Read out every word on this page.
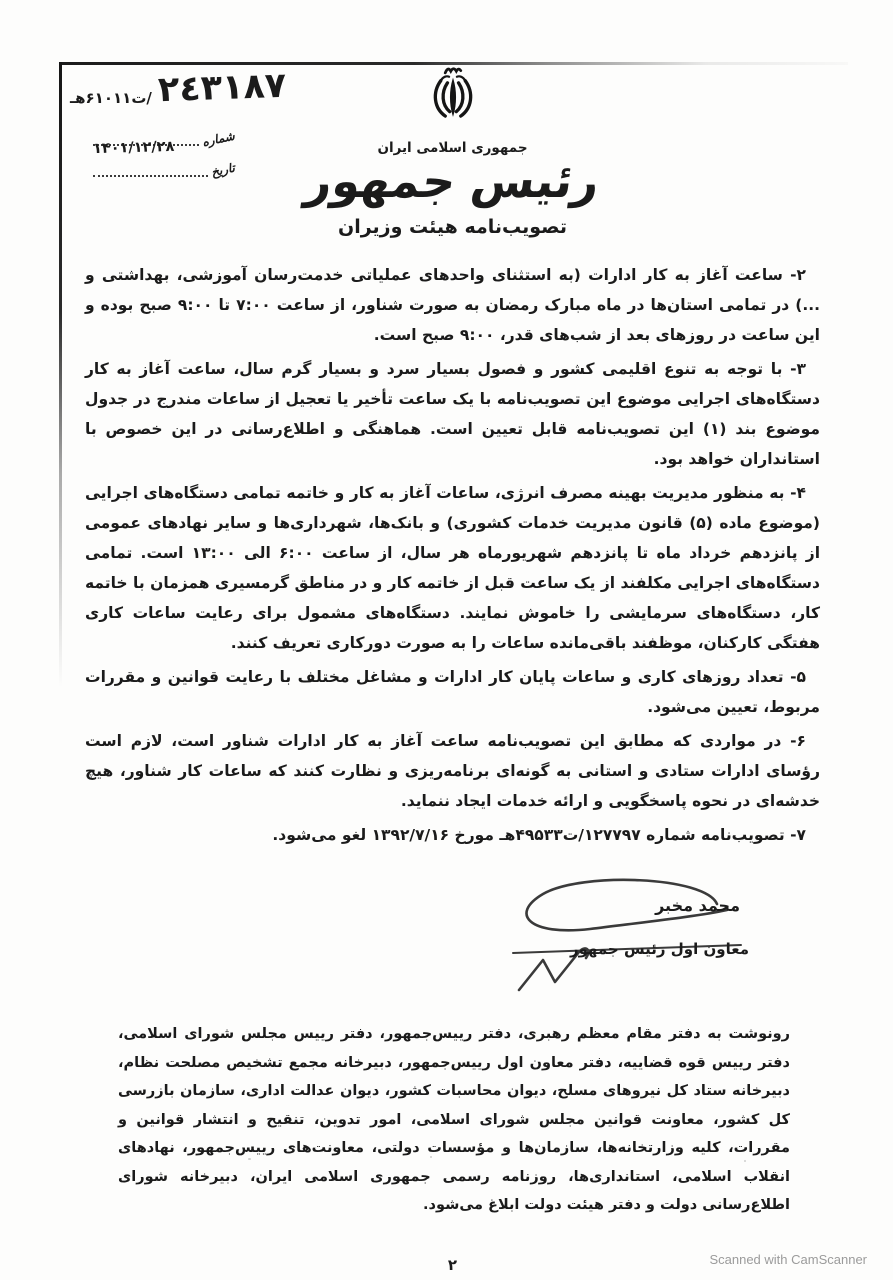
/ت۶۱۰۱۱هـ ۲٤۳۱۸۷
شماره
۱۴۰۱/۱۲/۲۸
تاریخ
جمهوری اسلامی ایران
رئیس جمهور
تصویب‌نامه هیئت وزیران

۲- ساعت آغاز به کار ادارات (به استثنای واحدهای عملیاتی خدمت‌رسان آموزشی، بهداشتی و ...) در تمامی استان‌ها در ماه مبارک رمضان به صورت شناور، از ساعت ۷:۰۰ تا ۹:۰۰ صبح بوده و این ساعت در روزهای بعد از شب‌های قدر، ۹:۰۰ صبح است.

۳- با توجه به تنوع اقلیمی کشور و فصول بسیار سرد و بسیار گرم سال، ساعت آغاز به کار دستگاه‌های اجرایی موضوع این تصویب‌نامه با یک ساعت تأخیر یا تعجیل از ساعات مندرج در جدول موضوع بند (۱) این تصویب‌نامه قابل تعیین است. هماهنگی و اطلاع‌رسانی در این خصوص با استانداران خواهد بود.

۴- به منظور مدیریت بهینه مصرف انرژی، ساعات آغاز به کار و خاتمه تمامی دستگاه‌های اجرایی (موضوع ماده (۵) قانون مدیریت خدمات کشوری) و بانک‌ها، شهرداری‌ها و سایر نهادهای عمومی از پانزدهم خرداد ماه تا پانزدهم شهریورماه هر سال، از ساعت ۶:۰۰ الی ۱۳:۰۰ است. تمامی دستگاه‌های اجرایی مکلفند از یک ساعت قبل از خاتمه کار و در مناطق گرمسیری همزمان با خاتمه کار، دستگاه‌های سرمایشی را خاموش نمایند. دستگاه‌های مشمول برای رعایت ساعات کاری هفتگی کارکنان، موظفند باقی‌مانده ساعات را به صورت دورکاری تعریف کنند.

۵- تعداد روزهای کاری و ساعات پایان کار ادارات و مشاغل مختلف با رعایت قوانین و مقررات مربوط، تعیین می‌شود.

۶- در مواردی که مطابق این تصویب‌نامه ساعت آغاز به کار ادارات شناور است، لازم است رؤسای ادارات ستادی و استانی به گونه‌ای برنامه‌ریزی و نظارت کنند که ساعات کار شناور، هیچ خدشه‌ای در نحوه پاسخگویی و ارائه خدمات ایجاد ننماید.

۷- تصویب‌نامه شماره ۱۲۷۷۹۷/ت۴۹۵۳۳هـ مورخ ۱۳۹۲/۷/۱۶ لغو می‌شود.

محمد مخبر
معاون اول رئیس جمهور

رونوشت به دفتر مقام معظم رهبری، دفتر رییس‌جمهور، دفتر رییس مجلس شورای اسلامی، دفتر رییس قوه قضاییه، دفتر معاون اول رییس‌جمهور، دبیرخانه مجمع تشخیص مصلحت نظام، دبیرخانه ستاد کل نیروهای مسلح، دیوان محاسبات کشور، دیوان عدالت اداری، سازمان بازرسی کل کشور، معاونت قوانین مجلس شورای اسلامی، امور تدوین، تنقیح و انتشار قوانین و مقررات، کلیه وزارتخانه‌ها، سازمان‌ها و مؤسسات دولتی، معاونت‌های رییس‌جمهور، نهادهای انقلاب اسلامی، استانداری‌ها، روزنامه رسمی جمهوری اسلامی ایران، دبیرخانه شورای اطلاع‌رسانی دولت و دفتر هیئت دولت ابلاغ می‌شود.

۲	Scanned with CamScanner
